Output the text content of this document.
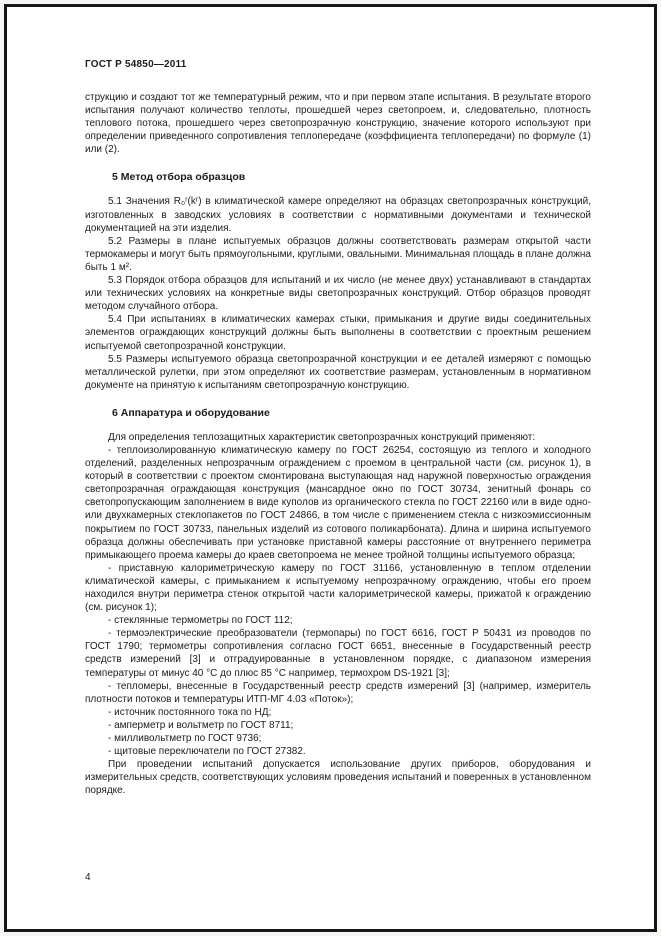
ГОСТ Р 54850—2011

струкцию и создают тот же температурный режим, что и при первом этапе испытания. В результате второго испытания получают количество теплоты, прошедшей через светопроем, и, следовательно, плотность теплового потока, прошедшего через светопрозрачную конструкцию, значение которого используют при определении приведенного сопротивления теплопередаче (коэффициента теплопередачи) по формуле (1) или (2).

5 Метод отбора образцов

5.1 Значения R₀ʳ(kʳ) в климатической камере определяют на образцах светопрозрачных конструкций, изготовленных в заводских условиях в соответствии с нормативными документами и технической документацией на эти изделия.

5.2 Размеры в плане испытуемых образцов должны соответствовать размерам открытой части термокамеры и могут быть прямоугольными, круглыми, овальными. Минимальная площадь в плане должна быть 1 м².

5.3 Порядок отбора образцов для испытаний и их число (не менее двух) устанавливают в стандартах или технических условиях на конкретные виды светопрозрачных конструкций. Отбор образцов проводят методом случайного отбора.

5.4 При испытаниях в климатических камерах стыки, примыкания и другие виды соединительных элементов ограждающих конструкций должны быть выполнены в соответствии с проектным решением испытуемой светопрозрачной конструкции.

5.5 Размеры испытуемого образца светопрозрачной конструкции и ее деталей измеряют с помощью металлической рулетки, при этом определяют их соответствие размерам, установленным в нормативном документе на принятую к испытаниям светопрозрачную конструкцию.

6 Аппаратура и оборудование

Для определения теплозащитных характеристик светопрозрачных конструкций применяют:

- теплоизолированную климатическую камеру по ГОСТ 26254, состоящую из теплого и холодного отделений, разделенных непрозрачным ограждением с проемом в центральной части (см. рисунок 1), в который в соответствии с проектом смонтирована выступающая над наружной поверхностью ограждения светопрозрачная ограждающая конструкция (мансардное окно по ГОСТ 30734, зенитный фонарь со светопропускающим заполнением в виде куполов из органического стекла по ГОСТ 22160 или в виде одно- или двухкамерных стеклопакетов по ГОСТ 24866, в том числе с применением стекла с низкоэмиссионным покрытием по ГОСТ 30733, панельных изделий из сотового поликарбоната). Длина и ширина испытуемого образца должны обеспечивать при установке приставной камеры расстояние от внутреннего периметра примыкающего проема камеры до краев светопроема не менее тройной толщины испытуемого образца;

- приставную калориметрическую камеру по ГОСТ 31166, установленную в теплом отделении климатической камеры, с примыканием к испытуемому непрозрачному ограждению, чтобы его проем находился внутри периметра стенок открытой части калориметрической камеры, прижатой к ограждению (см. рисунок 1);

- стеклянные термометры по ГОСТ 112;

- термоэлектрические преобразователи (термопары) по ГОСТ 6616, ГОСТ Р 50431 из проводов по ГОСТ 1790; термометры сопротивления согласно ГОСТ 6651, внесенные в Государственный реестр средств измерений [3] и отградуированные в установленном порядке, с диапазоном измерения температуры от минус 40 °С до плюс 85 °С например, термохром DS-1921 [3];

- тепломеры, внесенные в Государственный реестр средств измерений [3] (например, измеритель плотности потоков и температуры ИТП-МГ 4.03 «Поток»);

- источник постоянного тока по НД;

- амперметр и вольтметр по ГОСТ 8711;

- милливольтметр по ГОСТ 9736;

- щитовые переключатели по ГОСТ 27382.

При проведении испытаний допускается использование других приборов, оборудования и измерительных средств, соответствующих условиям проведения испытаний и поверенных в установленном порядке.

4
